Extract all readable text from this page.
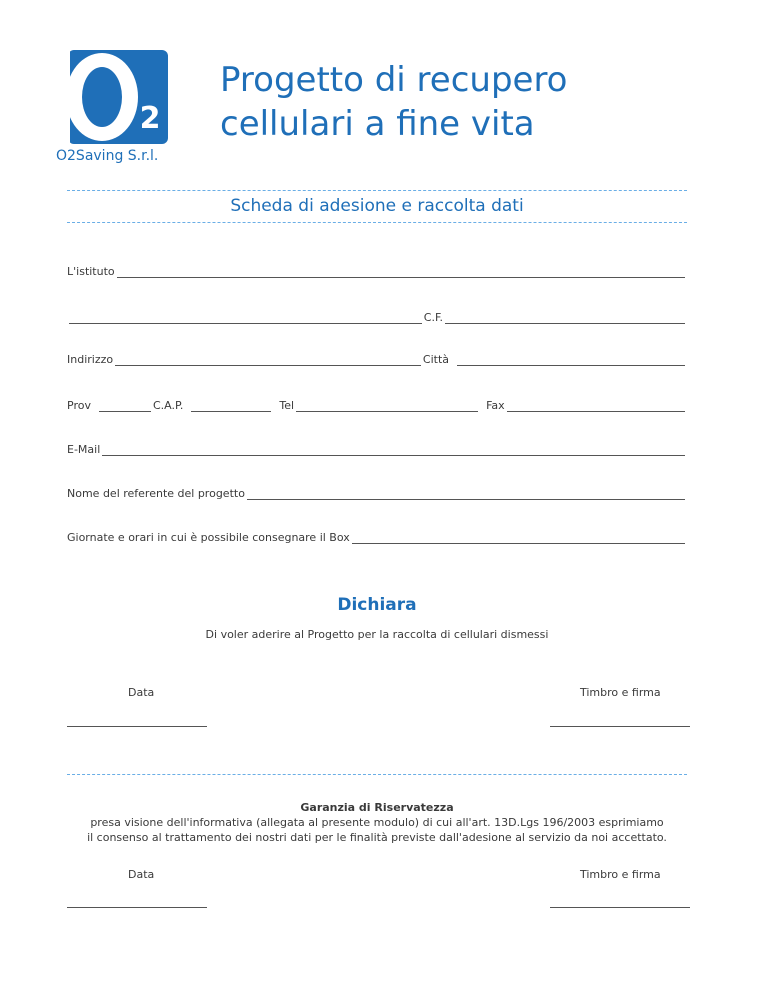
2
O2Saving S.r.l.
Progetto di recupero
cellulari a fine vita
Scheda di adesione e raccolta dati
L'istituto
C.F.
Indirizzo	Città
Prov	C.A.P.	Tel	Fax
E-Mail
Nome del referente del progetto
Giornate e orari in cui è possibile consegnare il Box
Dichiara
Di voler aderire al Progetto per la raccolta di cellulari dismessi
Data	Timbro e firma
Garanzia di Riservatezza
presa visione dell'informativa (allegata al presente modulo) di cui all'art. 13D.Lgs 196/2003 esprimiamo
il consenso al trattamento dei nostri dati per le finalità previste dall'adesione al servizio da noi accettato.
Data	Timbro e firma
